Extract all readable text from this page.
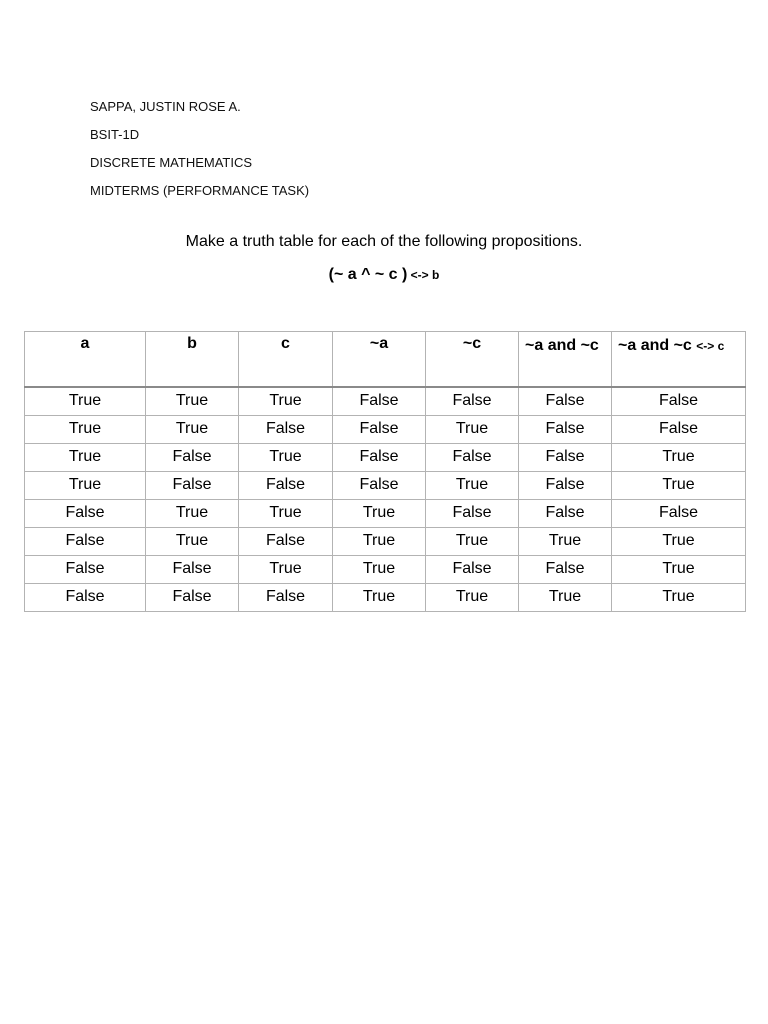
SAPPA, JUSTIN ROSE A.
BSIT-1D
DISCRETE MATHEMATICS
MIDTERMS (PERFORMANCE TASK)
Make a truth table for each of the following propositions.
(~ a ^ ~ c ) <-> b
a	b	c	~a	~c	~a and ~c	~a and ~c <-> c
True	True	True	False	False	False	False
True	True	False	False	True	False	False
True	False	True	False	False	False	True
True	False	False	False	True	False	True
False	True	True	True	False	False	False
False	True	False	True	True	True	True
False	False	True	True	False	False	True
False	False	False	True	True	True	True
